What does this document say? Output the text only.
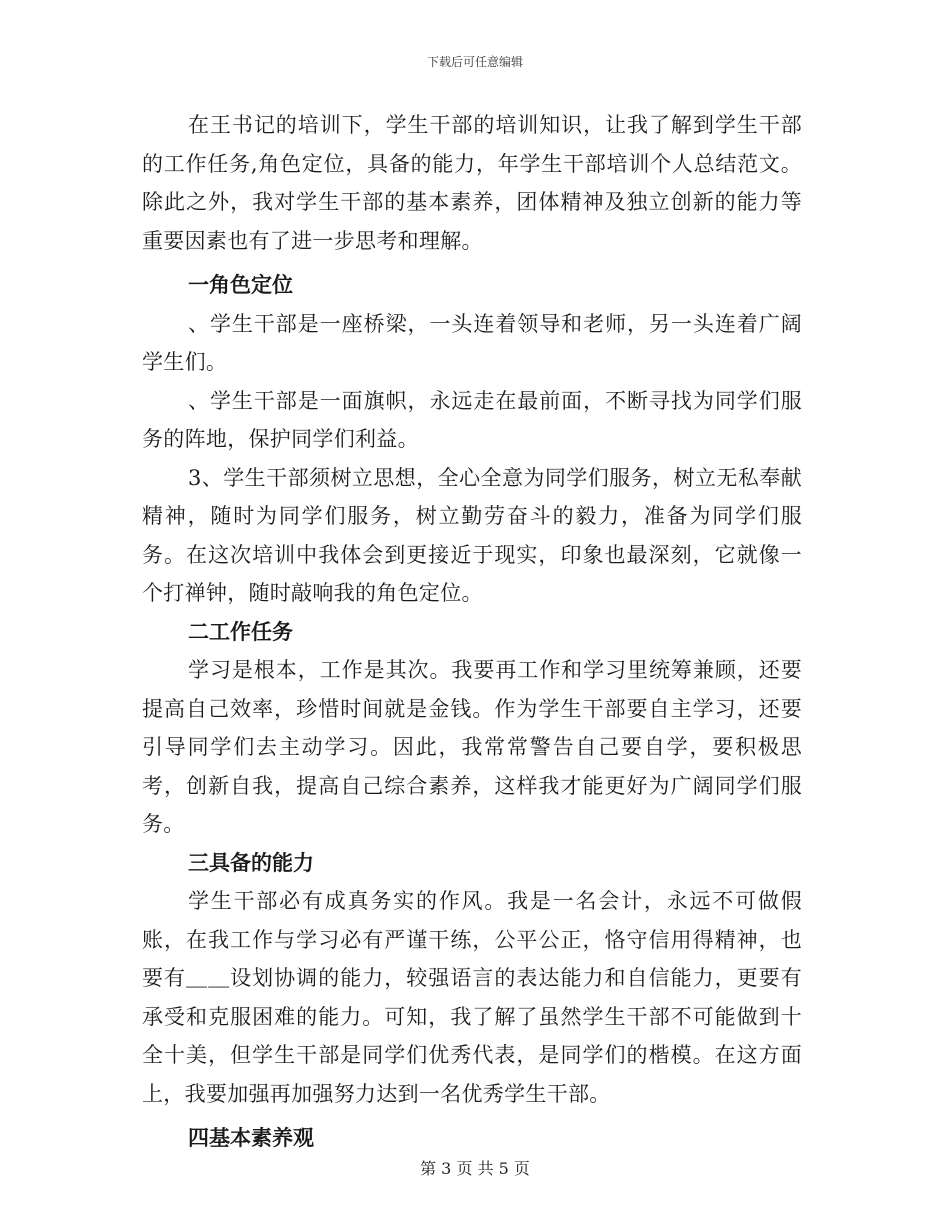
下载后可任意编辑

在王书记的培训下，学生干部的培训知识，让我了解到学生干部的工作任务,角色定位，具备的能力，年学生干部培训个人总结范文。除此之外，我对学生干部的基本素养，团体精神及独立创新的能力等重要因素也有了进一步思考和理解。

一角色定位

、学生干部是一座桥梁，一头连着领导和老师，另一头连着广阔学生们。

、学生干部是一面旗帜，永远走在最前面，不断寻找为同学们服务的阵地，保护同学们利益。

3、学生干部须树立思想，全心全意为同学们服务，树立无私奉献精神，随时为同学们服务，树立勤劳奋斗的毅力，准备为同学们服务。在这次培训中我体会到更接近于现实，印象也最深刻，它就像一个打禅钟，随时敲响我的角色定位。

二工作任务

学习是根本，工作是其次。我要再工作和学习里统筹兼顾，还要提高自己效率，珍惜时间就是金钱。作为学生干部要自主学习，还要引导同学们去主动学习。因此，我常常警告自己要自学，要积极思考，创新自我，提高自己综合素养，这样我才能更好为广阔同学们服务。

三具备的能力

学生干部必有成真务实的作风。我是一名会计，永远不可做假账，在我工作与学习必有严谨干练，公平公正，恪守信用得精神，也要有＿＿设划协调的能力，较强语言的表达能力和自信能力，更要有承受和克服困难的能力。可知，我了解了虽然学生干部不可能做到十全十美，但学生干部是同学们优秀代表，是同学们的楷模。在这方面上，我要加强再加强努力达到一名优秀学生干部。

四基本素养观

第 3 页 共 5 页
